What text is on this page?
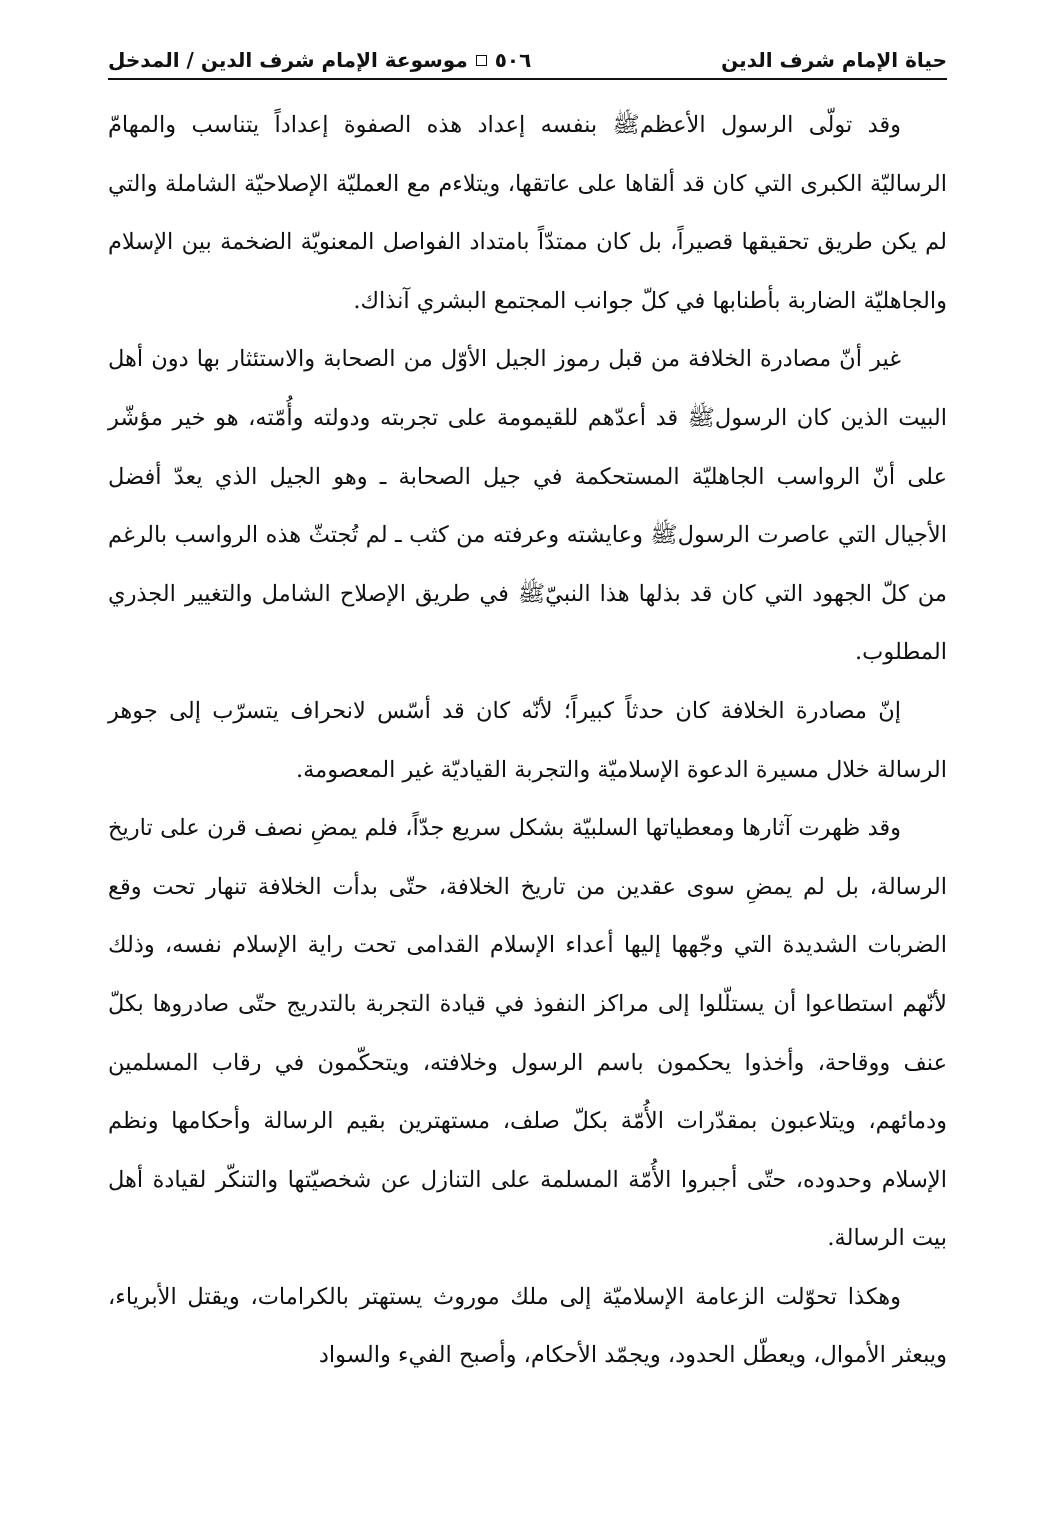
٥٠٦
موسوعة الإمام شرف الدين / المدخل	حياة الإمام شرف الدين

وقد تولّى الرسول الأعظمﷺ بنفسه إعداد هذه الصفوة إعداداً يتناسب والمهامّ الرساليّة الكبرى التي كان قد ألقاها على عاتقها، ويتلاءم مع العمليّة الإصلاحيّة الشاملة والتي لم يكن طريق تحقيقها قصيراً، بل كان ممتدّاً بامتداد الفواصل المعنويّة الضخمة بين الإسلام والجاهليّة الضاربة بأطنابها في كلّ جوانب المجتمع البشري آنذاك.

غير أنّ مصادرة الخلافة من قبل رموز الجيل الأوّل من الصحابة والاستئثار بها دون أهل البيت الذين كان الرسولﷺ قد أعدّهم للقيمومة على تجربته ودولته وأُمّته، هو خير مؤشّر على أنّ الرواسب الجاهليّة المستحكمة في جيل الصحابة ـ وهو الجيل الذي يعدّ أفضل الأجيال التي عاصرت الرسولﷺ وعايشته وعرفته من كثب ـ لم تُجتثّ هذه الرواسب بالرغم من كلّ الجهود التي كان قد بذلها هذا النبيّﷺ في طريق الإصلاح الشامل والتغيير الجذري المطلوب.

إنّ مصادرة الخلافة كان حدثاً كبيراً؛ لأنّه كان قد أسّس لانحراف يتسرّب إلى جوهر الرسالة خلال مسيرة الدعوة الإسلاميّة والتجربة القياديّة غير المعصومة.

وقد ظهرت آثارها ومعطياتها السلبيّة بشكل سريع جدّاً، فلم يمضِ نصف قرن على تاريخ الرسالة، بل لم يمضِ سوى عقدين من تاريخ الخلافة، حتّى بدأت الخلافة تنهار تحت وقع الضربات الشديدة التي وجّهها إليها أعداء الإسلام القدامى تحت راية الإسلام نفسه، وذلك لأنّهم استطاعوا أن يستلّلوا إلى مراكز النفوذ في قيادة التجربة بالتدريج حتّى صادروها بكلّ عنف ووقاحة، وأخذوا يحكمون باسم الرسول وخلافته، ويتحكّمون في رقاب المسلمين ودمائهم، ويتلاعبون بمقدّرات الأُمّة بكلّ صلف، مستهترين بقيم الرسالة وأحكامها ونظم الإسلام وحدوده، حتّى أجبروا الأُمّة المسلمة على التنازل عن شخصيّتها والتنكّر لقيادة أهل بيت الرسالة.

وهكذا تحوّلت الزعامة الإسلاميّة إلى ملك موروث يستهتر بالكرامات، ويقتل الأبرياء، ويبعثر الأموال، ويعطّل الحدود، ويجمّد الأحكام، وأصبح الفيء والسواد
